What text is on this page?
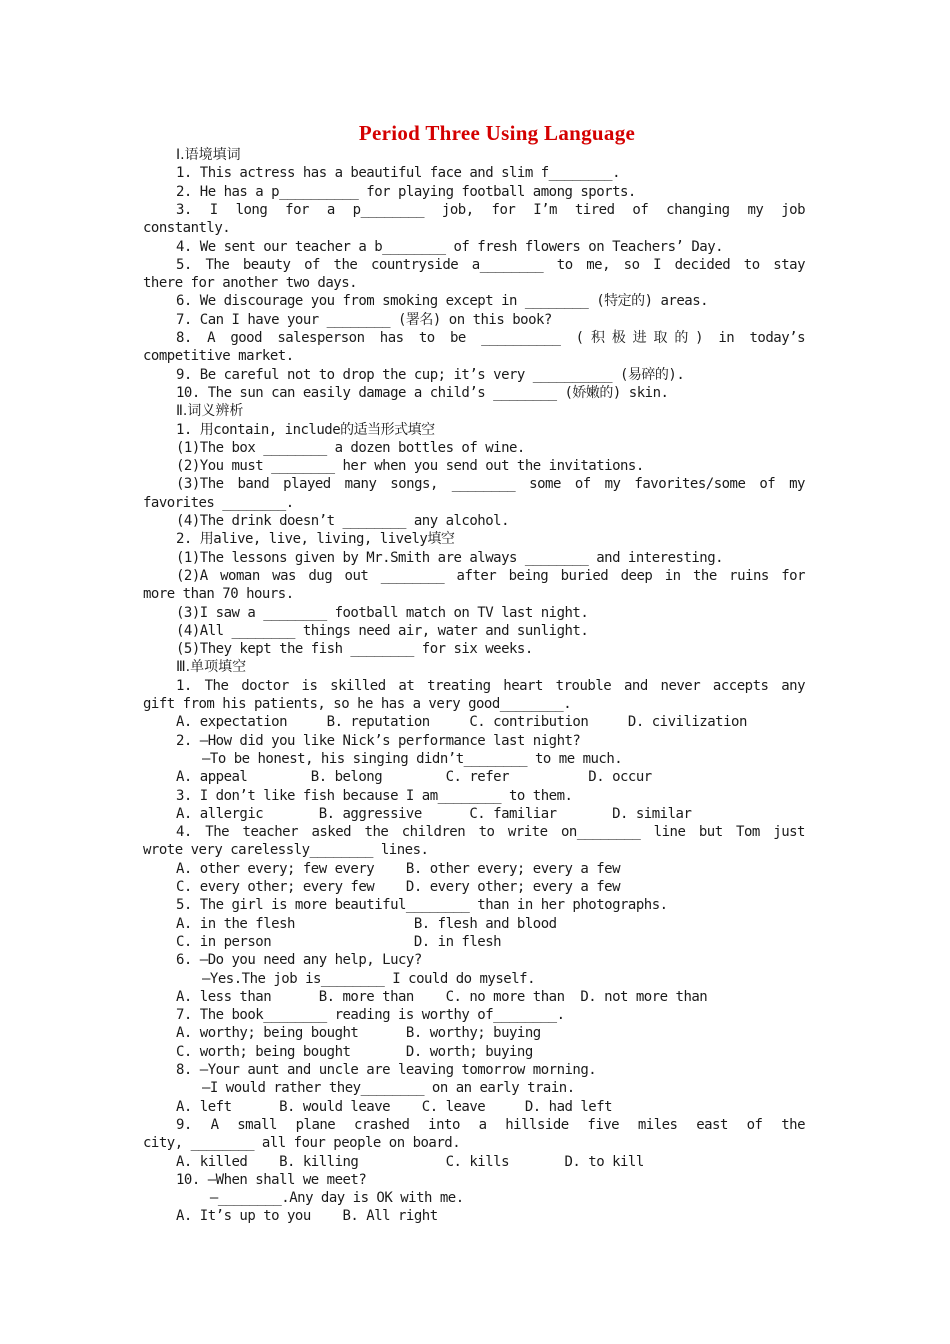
Period Three Using Language
Ⅰ.语境填词
1. This actress has a beautiful face and slim f________.
2. He has a p__________ for playing football among sports.
3. I long for a p________ job, for I’m tired of changing my job
constantly.
4. We sent our teacher a b________ of fresh flowers on Teachers’ Day.
5. The beauty of the countryside a________ to me, so I decided to stay
there for another two days.
6. We discourage you from smoking except in ________ (特定的) areas.
7. Can I have your ________ (署名) on this book?
8. A good salesperson has to be __________ (积极进取的) in today’s
competitive market.
9. Be careful not to drop the cup; it’s very __________ (易碎的).
10. The sun can easily damage a child’s ________ (娇嫩的) skin.
Ⅱ.词义辨析
1. 用contain, include的适当形式填空
(1)The box ________ a dozen bottles of wine.
(2)You must ________ her when you send out the invitations.
(3)The band played many songs, ________ some of my favorites/some of my
favorites ________.
(4)The drink doesn’t ________ any alcohol.
2. 用alive, live, living, lively填空
(1)The lessons given by Mr.Smith are always ________ and interesting.
(2)A woman was dug out ________ after being buried deep in the ruins for
more than 70 hours.
(3)I saw a ________ football match on TV last night.
(4)All ________ things need air, water and sunlight.
(5)They kept the fish ________ for six weeks.
Ⅲ.单项填空
1. The doctor is skilled at treating heart trouble and never accepts any
gift from his patients, so he has a very good________.
A. expectation     B. reputation     C. contribution     D. civilization
2. —How did you like Nick’s performance last night?
—To be honest, his singing didn’t________ to me much.
A. appeal        B. belong        C. refer          D. occur
3. I don’t like fish because I am________ to them.
A. allergic       B. aggressive      C. familiar       D. similar
4. The teacher asked the children to write on________ line but Tom just
wrote very carelessly________ lines.
A. other every; few every    B. other every; every a few
C. every other; every few    D. every other; every a few
5. The girl is more beautiful________ than in her photographs.
A. in the flesh               B. flesh and blood
C. in person                  D. in flesh
6. —Do you need any help, Lucy?
—Yes.The job is________ I could do myself.
A. less than      B. more than    C. no more than  D. not more than
7. The book________ reading is worthy of________.
A. worthy; being bought      B. worthy; buying
C. worth; being bought       D. worth; buying
8. —Your aunt and uncle are leaving tomorrow morning.
—I would rather they________ on an early train.
A. left      B. would leave    C. leave     D. had left
9. A small plane crashed into a hillside five miles east of the
city, ________ all four people on board.
A. killed    B. killing           C. kills       D. to kill
10. —When shall we meet?
—________.Any day is OK with me.
A. It’s up to you    B. All right
